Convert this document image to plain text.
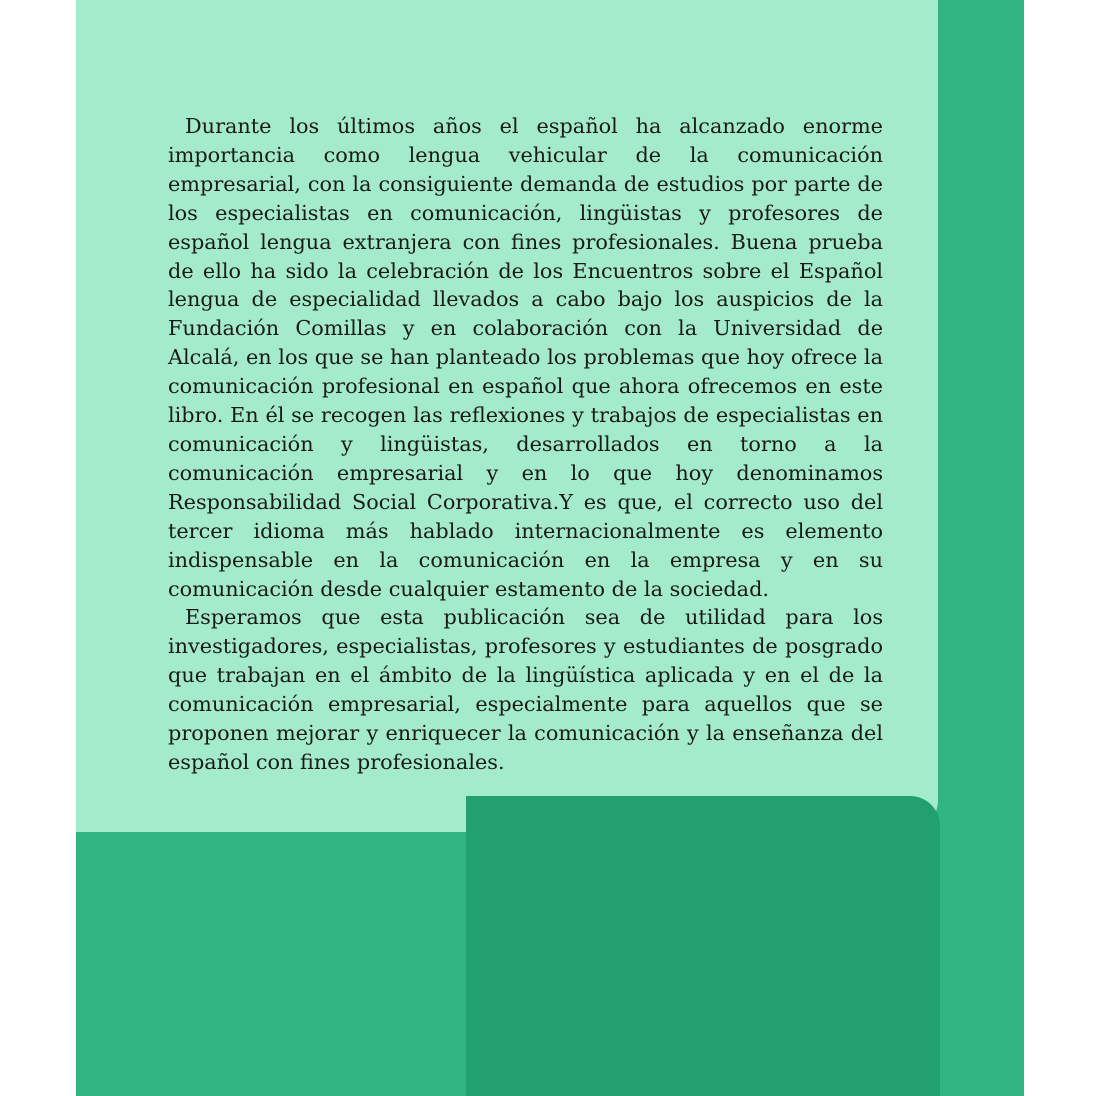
Durante los últimos años el español ha alcanzado enorme importancia como lengua vehicular de la comunicación empresarial, con la consiguiente demanda de estudios por parte de los especialistas en comunicación, lingüistas y profesores de español lengua extranjera con fines profesionales. Buena prueba de ello ha sido la celebración de los Encuentros sobre el Español lengua de especialidad llevados a cabo bajo los auspicios de la Fundación Comillas y en colaboración con la Universidad de Alcalá, en los que se han planteado los problemas que hoy ofrece la comunicación profesional en español que ahora ofrecemos en este libro. En él se recogen las reflexiones y trabajos de especialistas en comunicación y lingüistas, desarrollados en torno a la comunicación empresarial y en lo que hoy denominamos Responsabilidad Social Corporativa.Y es que, el correcto uso del tercer idioma más hablado internacionalmente es elemento indispensable en la comunicación en la empresa y en su comunicación desde cualquier estamento de la sociedad.

Esperamos que esta publicación sea de utilidad para los investigadores, especialistas, profesores y estudiantes de posgrado que trabajan en el ámbito de la lingüística aplicada y en el de la comunicación empresarial, especialmente para aquellos que se proponen mejorar y enriquecer la comunicación y la enseñanza del español con fines profesionales.
